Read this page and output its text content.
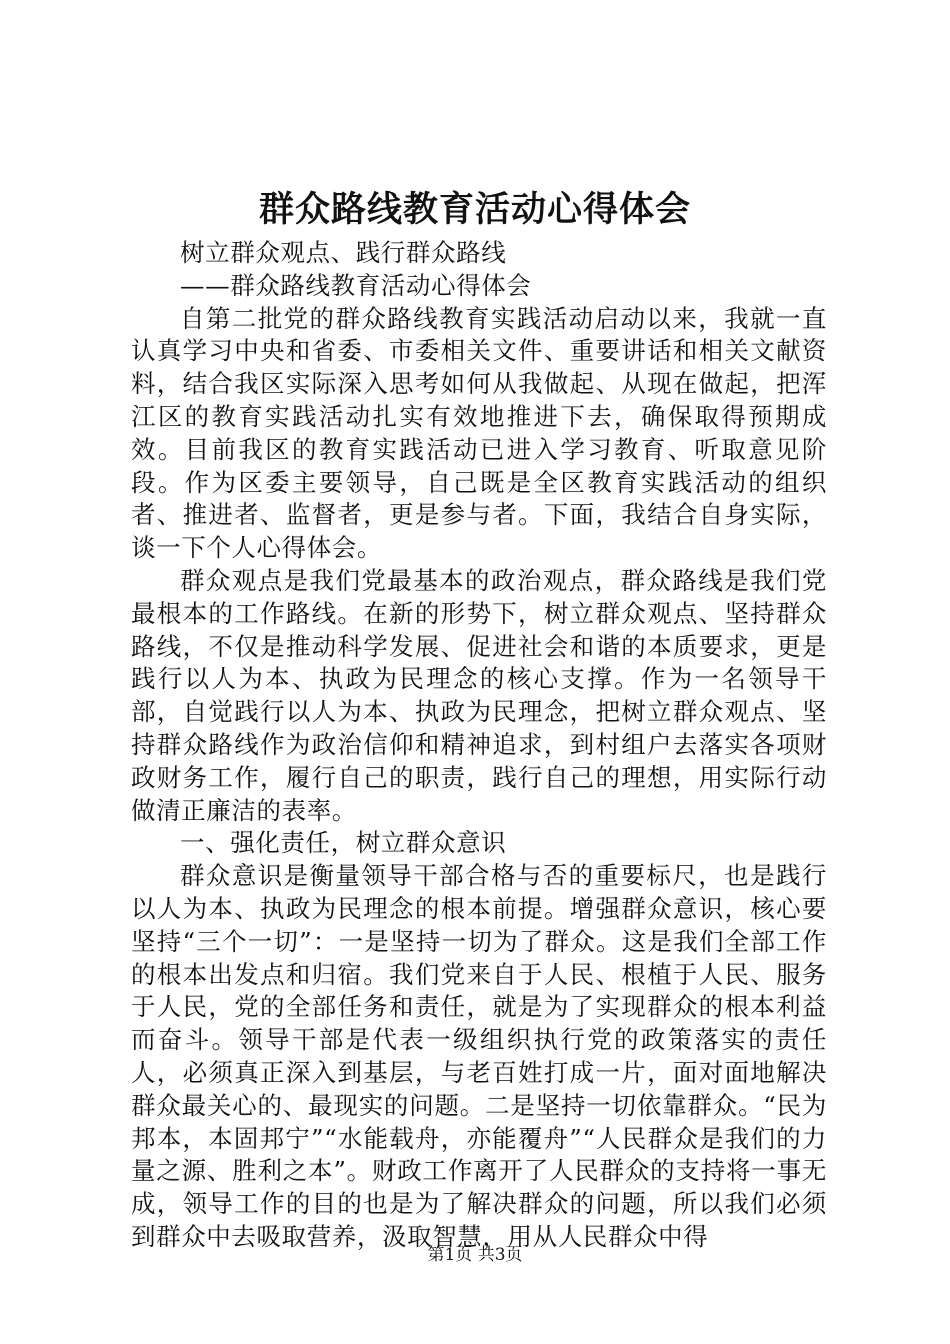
群众路线教育活动心得体会

树立群众观点、践行群众路线

——群众路线教育活动心得体会

自第二批党的群众路线教育实践活动启动以来，我就一直认真学习中央和省委、市委相关文件、重要讲话和相关文献资料，结合我区实际深入思考如何从我做起、从现在做起，把浑江区的教育实践活动扎实有效地推进下去，确保取得预期成效。目前我区的教育实践活动已进入学习教育、听取意见阶段。作为区委主要领导，自己既是全区教育实践活动的组织者、推进者、监督者，更是参与者。下面，我结合自身实际，谈一下个人心得体会。

群众观点是我们党最基本的政治观点，群众路线是我们党最根本的工作路线。在新的形势下，树立群众观点、坚持群众路线，不仅是推动科学发展、促进社会和谐的本质要求，更是践行以人为本、执政为民理念的核心支撑。作为一名领导干部，自觉践行以人为本、执政为民理念，把树立群众观点、坚持群众路线作为政治信仰和精神追求，到村组户去落实各项财政财务工作，履行自己的职责，践行自己的理想，用实际行动做清正廉洁的表率。

一、强化责任，树立群众意识

群众意识是衡量领导干部合格与否的重要标尺，也是践行以人为本、执政为民理念的根本前提。增强群众意识，核心要坚持“三个一切”：一是坚持一切为了群众。这是我们全部工作的根本出发点和归宿。我们党来自于人民、根植于人民、服务于人民，党的全部任务和责任，就是为了实现群众的根本利益而奋斗。领导干部是代表一级组织执行党的政策落实的责任人，必须真正深入到基层，与老百姓打成一片，面对面地解决群众最关心的、最现实的问题。二是坚持一切依靠群众。“民为邦本，本固邦宁”“水能载舟，亦能覆舟”“人民群众是我们的力量之源、胜利之本”。财政工作离开了人民群众的支持将一事无成，领导工作的目的也是为了解决群众的问题，所以我们必须到群众中去吸取营养，汲取智慧，用从人民群众中得

第1页 共3页
